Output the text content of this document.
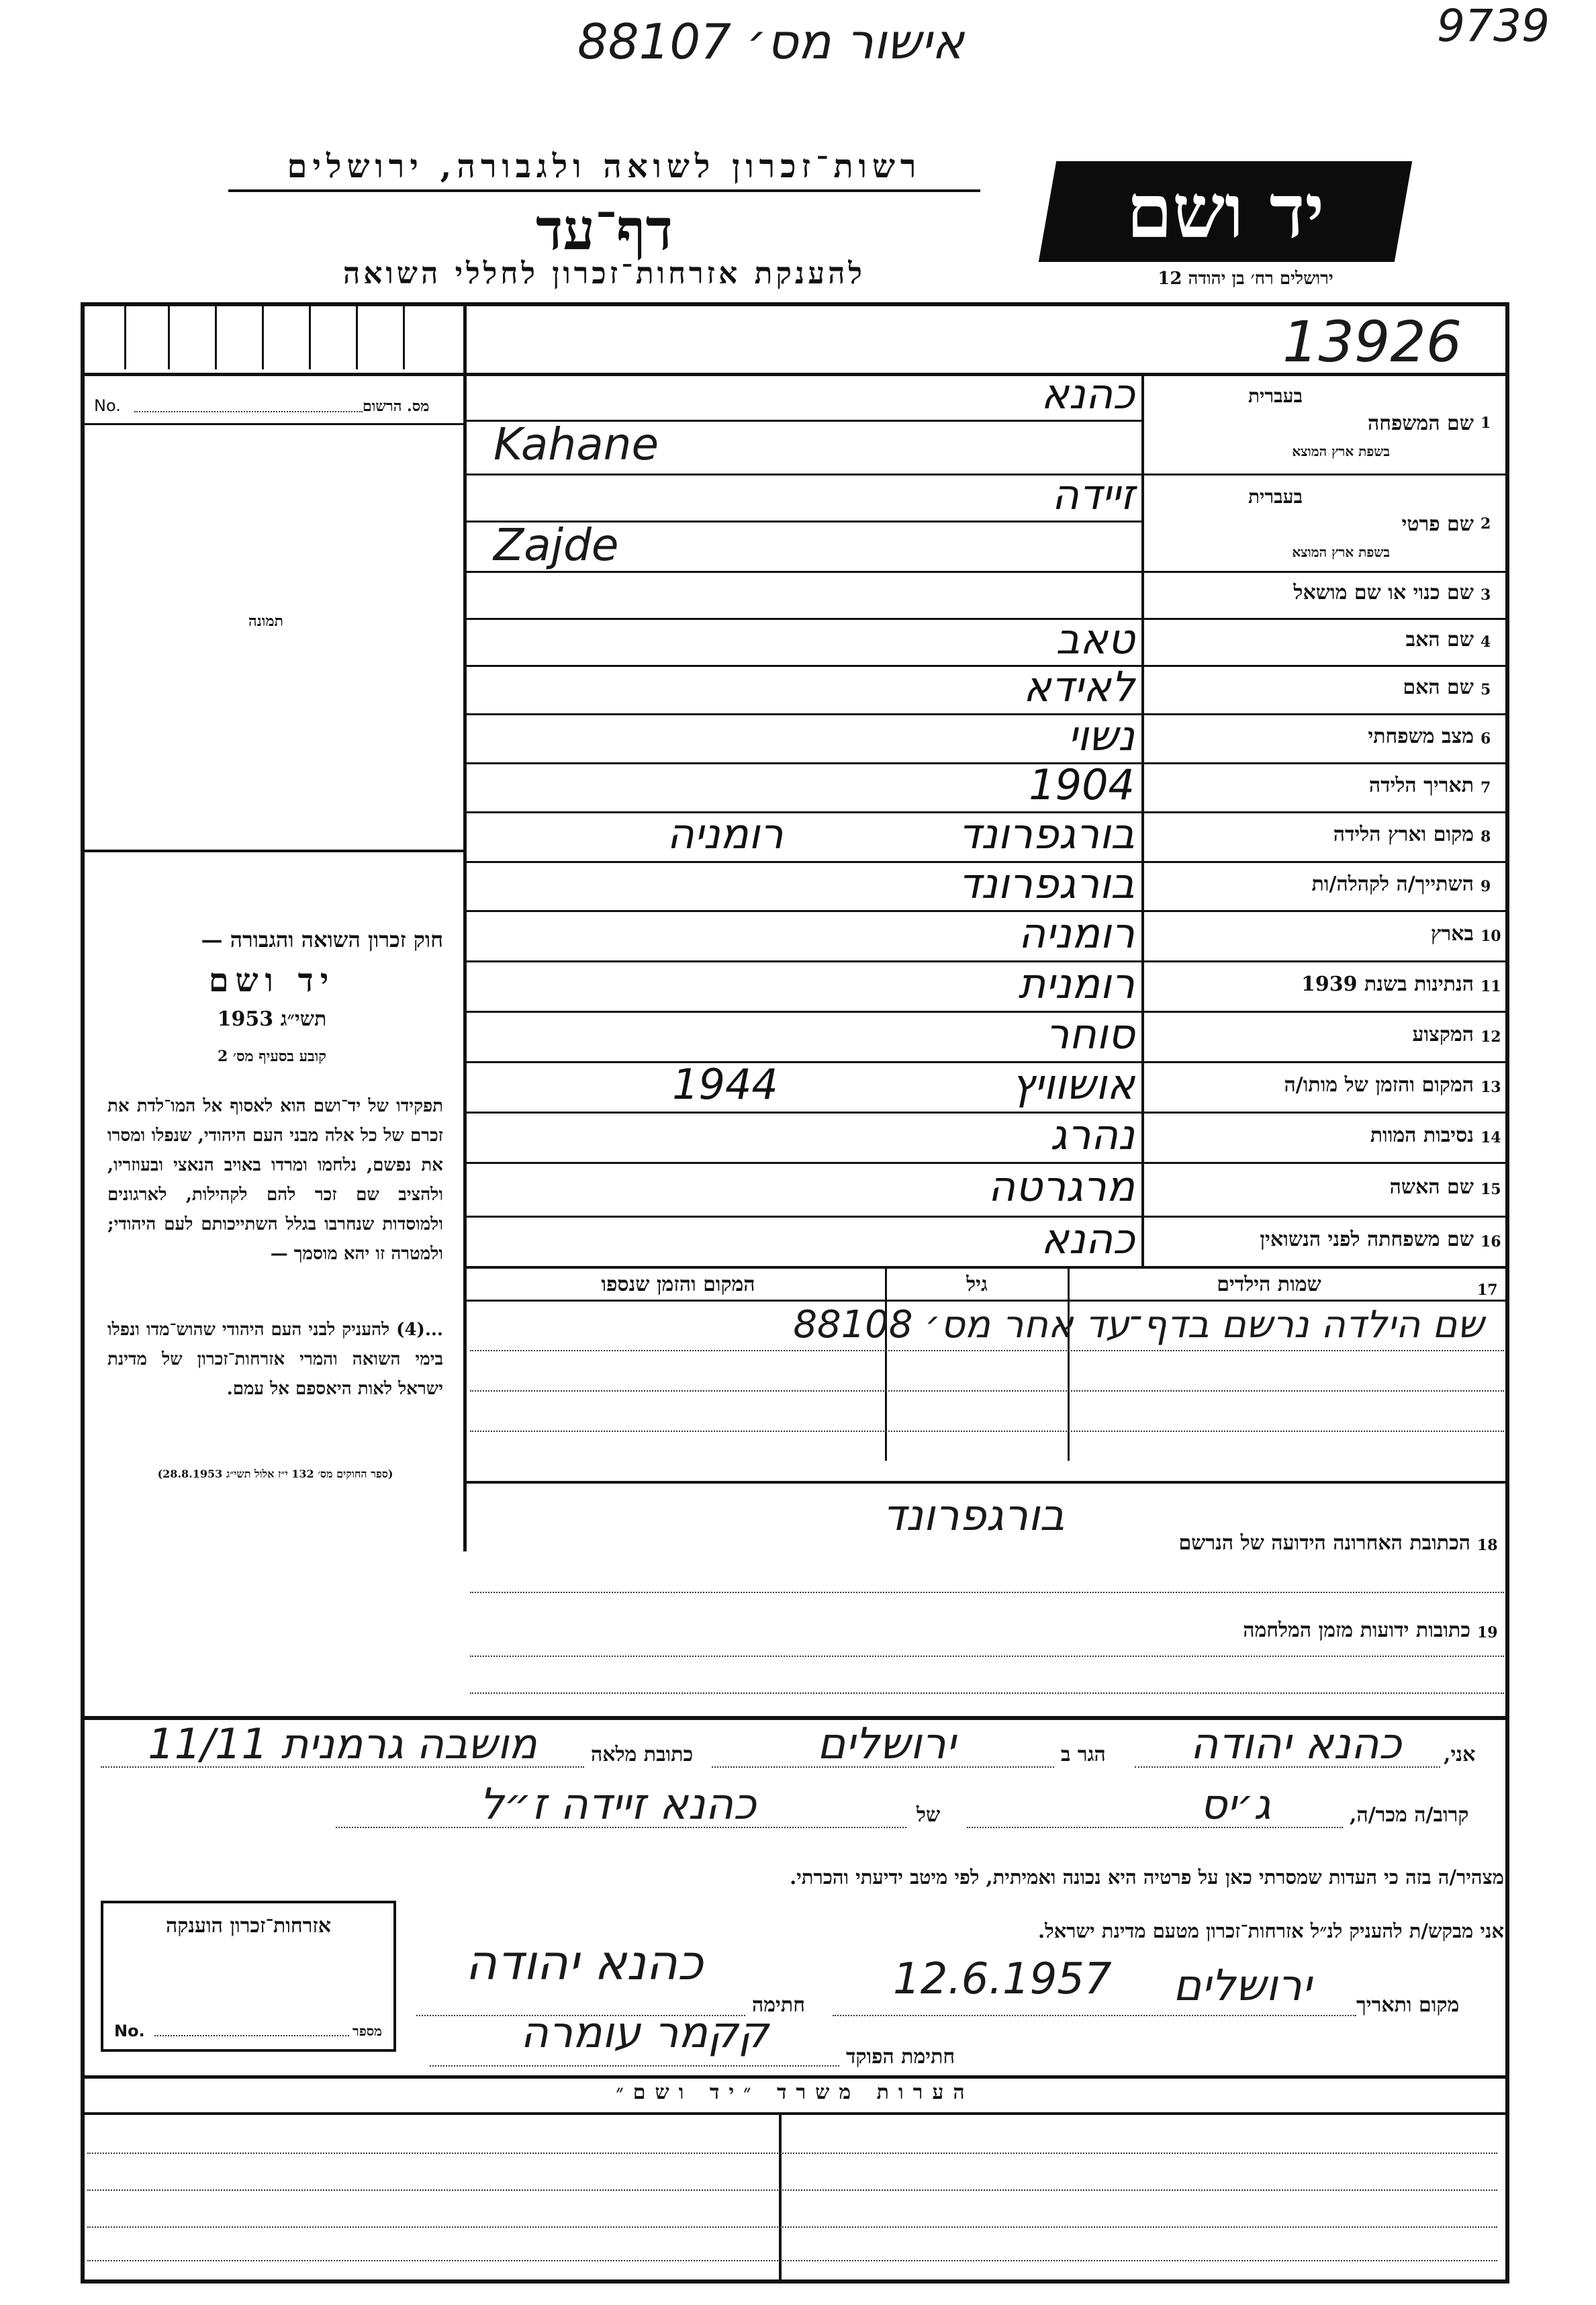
אישור מס׳ 88107	9739
רשות־זכרון לשואה ולגבורה, ירושלים
דף־עד
להענקת אזרחות־זכרון לחללי השואה
יד ושם
ירושלים רח׳ בן יהודה 12
13926
No.	מס. הרשום
תמונה
חוק זכרון השואה והגבורה —
יד ושם
תשי״ג 1953
קובע בסעיף מס׳ 2
תפקידו של יד־ושם הוא לאסוף אל המו־לדת את זכרם של כל אלה מבני העם היהודי, שנפלו ומסרו את נפשם, נלחמו ומרדו באויב הנאצי ובעוזריו, ולהציב שם זכר להם לקהילות, לארגונים ולמוסדות שנחרבו בגלל השתייכותם לעם היהודי; ולמטרה זו יהא מוסמך —
...(4) להעניק לבני העם היהודי שהוש־מדו ונפלו בימי השואה והמרי אזרחות־זכרון של מדינת ישראל לאות היאספם אל עמם.
(ספר החוקים מס׳ 132 י״ז אלול תשי״ג 28.8.1953)
1
שם המשפחה
בעברית
בשפת ארץ המוצא
כהנא
Kahane
2
שם פרטי
בעברית
בשפת ארץ המוצא
זיידה
Zajde
3
שם כנוי או שם מושאל
4
שם האב
טאב
5
שם האם
לאידא
6
מצב משפחתי
נשוי
7
תאריך הלידה
1904
8
מקום וארץ הלידה
בורגפרונד
רומניה
9
השתייך/ה לקהלה/ות
בורגפרונד
10
בארץ
רומניה
11
הנתינות בשנת 1939
רומנית
12
המקצוע
סוחר
13
המקום והזמן של מותו/ה
אושוויץ
1944
14
נסיבות המוות
נהרג
15
שם האשה
מרגרטה
16
שם משפחתה לפני הנשואין
כהנא
המקום והזמן שנספו	גיל	שמות הילדים	17
שם הילדה נרשם בדף־עד אחר מס׳ 88108
בורגפרונד
הכתובת האחרונה הידועה של הנרשם 18
כתובות ידועות מזמן המלחמה 19
אני,
כהנא יהודה
הגר ב
ירושלים
כתובת מלאה
מושבה גרמנית 11/11
קרוב/ה מכר/ה,
ג׳יס
של
כהנא זיידה ז״ל
מצהיר/ה בזה כי העדות שמסרתי כאן על פרטיה היא נכונה ואמיתית, לפי מיטב ידיעתי והכרתי.
אני מבקש/ת להעניק לנ״ל אזרחות־זכרון מטעם מדינת ישראל.
מקום ותאריך
ירושלים
12.6.1957
חתימה
כהנא יהודה
חתימת הפוקד
קקמר עומרה
אזרחות־זכרון הוענקה
No.	מספר
הערות משרד ״יד ושם״
